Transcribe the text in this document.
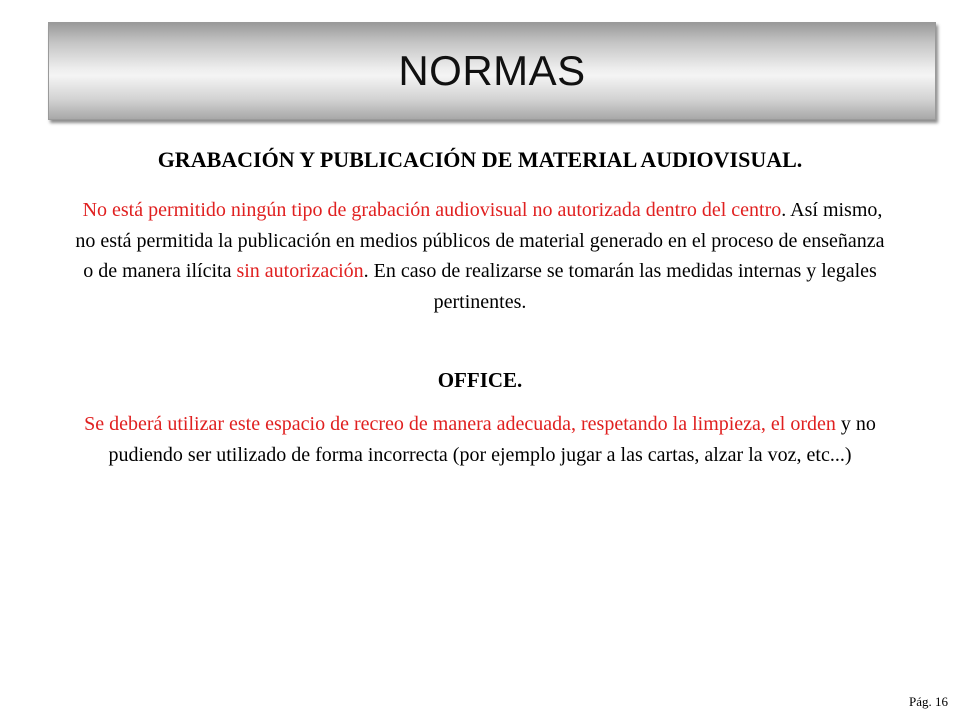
NORMAS
GRABACIÓN Y PUBLICACIÓN DE MATERIAL AUDIOVISUAL.

No está permitido ningún tipo de grabación audiovisual no autorizada dentro del centro. Así mismo, no está permitida la publicación en medios públicos de material generado en el proceso de enseñanza o de manera ilícita sin autorización. En caso de realizarse se tomarán las medidas internas y legales pertinentes.

OFFICE.

Se deberá utilizar este espacio de recreo de manera adecuada, respetando la limpieza, el orden y no pudiendo ser utilizado de forma incorrecta (por ejemplo jugar a las cartas, alzar la voz, etc...)

Pág. 16
